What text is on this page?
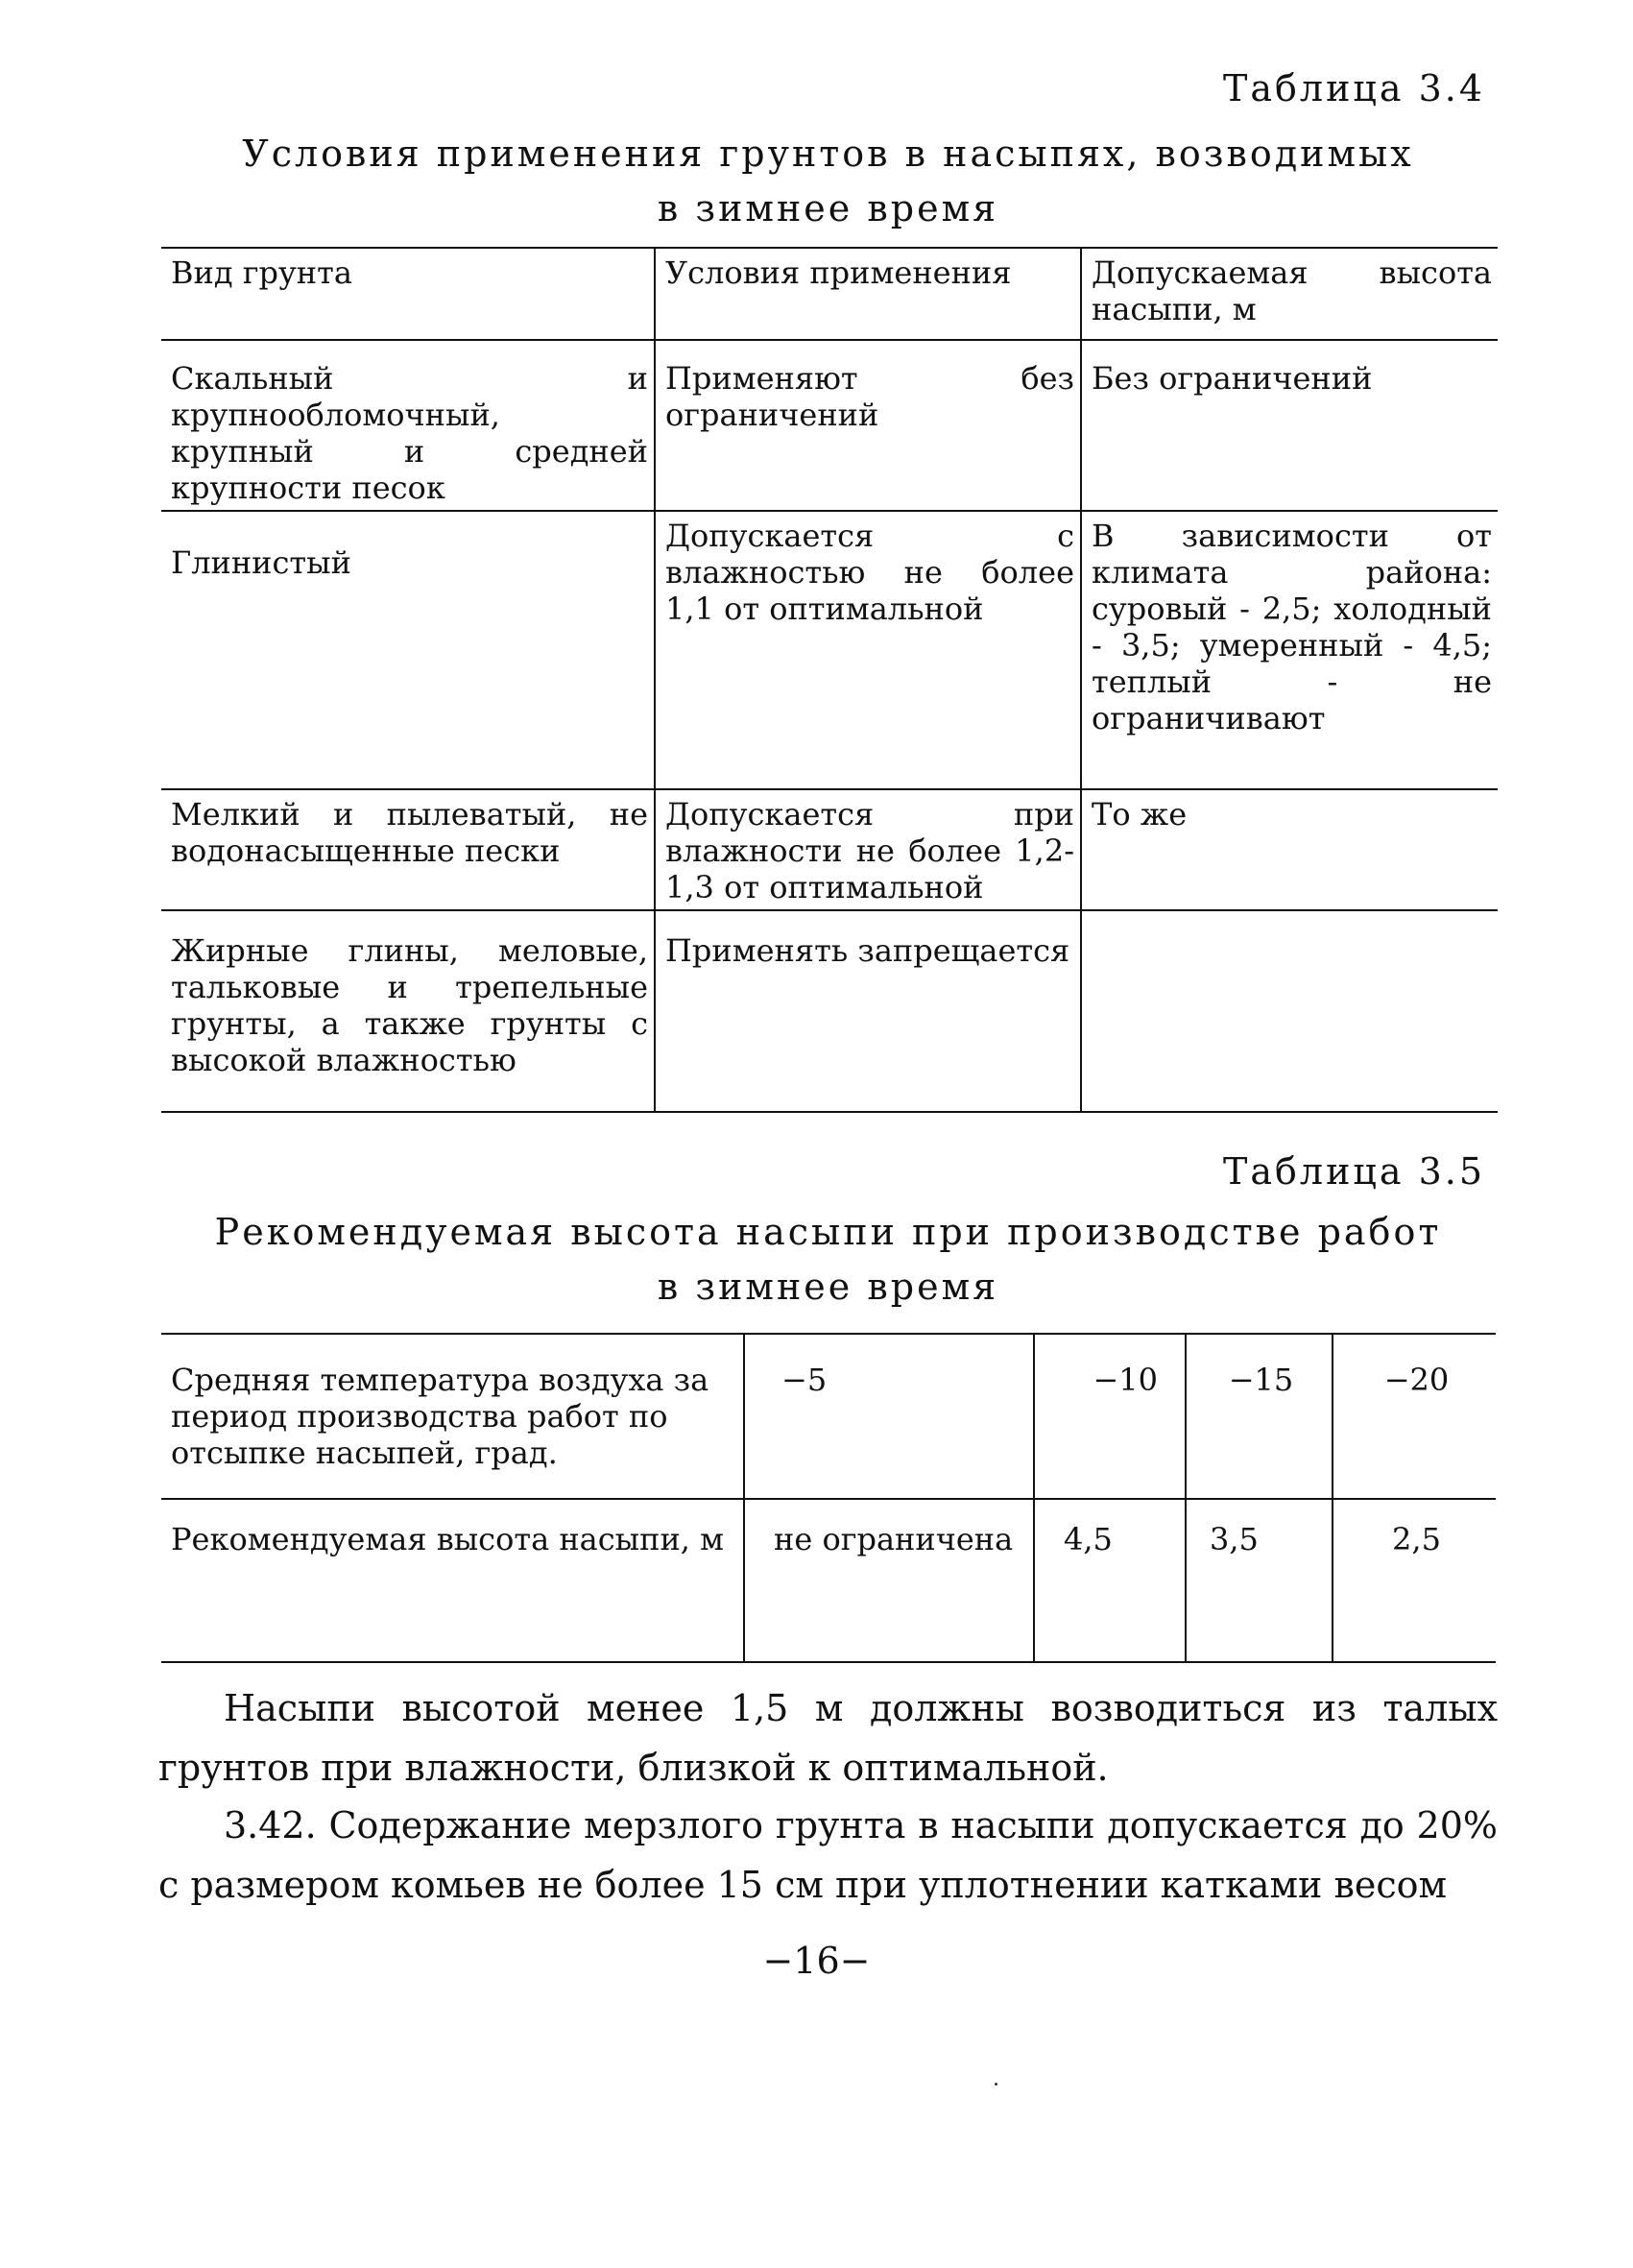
Таблица 3.4
Условия применения грунтов в насыпях, возводимых
в зимнее время
Вид грунта	Условия применения	Допускаемая высота насыпи, м
Скальный и крупнообломочный, крупный и средней крупности песок	Применяют без ограничений	Без ограничений
Глинистый	Допускается с влажностью не более 1,1 от оптимальной	В зависимости от климата района: суровый - 2,5; холодный - 3,5; умеренный - 4,5; теплый - не ограничивают
Мелкий и пылеватый, не водонасыщенные пески	Допускается при влажности не более 1,2-1,3 от оптимальной	То же
Жирные глины, меловые, тальковые и трепельные грунты, а также грунты с высокой влажностью	Применять запрещается	
Таблица 3.5
Рекомендуемая высота насыпи при производстве работ
в зимнее время
Средняя температура воздуха за период производства работ по отсыпке насыпей, град.	−5	−10	−15	−20
Рекомендуемая высота насыпи, м	не ограничена	4,5	3,5	2,5
Насыпи высотой менее 1,5 м должны возводиться из талых грунтов при влажности, близкой к оптимальной.
3.42. Содержание мерзлого грунта в насыпи допускается до 20% с размером комьев не более 15 см при уплотнении катками весом
−16−
